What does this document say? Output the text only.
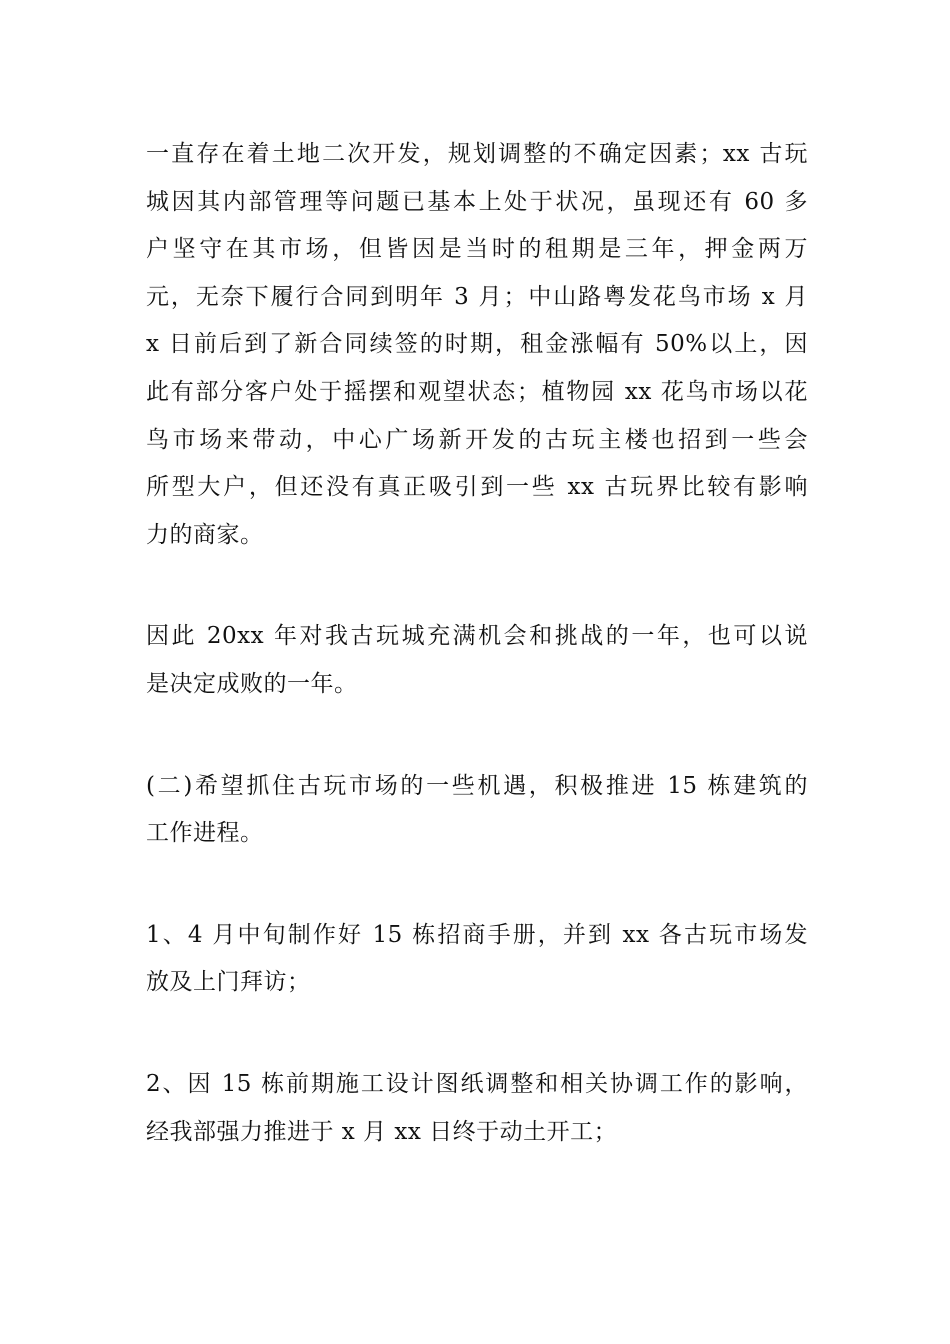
一直存在着土地二次开发，规划调整的不确定因素；xx 古玩
城因其内部管理等问题已基本上处于状况，虽现还有 60 多
户坚守在其市场，但皆因是当时的租期是三年，押金两万
元，无奈下履行合同到明年 3 月；中山路粤发花鸟市场 x 月
x 日前后到了新合同续签的时期，租金涨幅有 50%以上，因
此有部分客户处于摇摆和观望状态；植物园 xx 花鸟市场以花
鸟市场来带动，中心广场新开发的古玩主楼也招到一些会
所型大户，但还没有真正吸引到一些 xx 古玩界比较有影响
力的商家。
因此 20xx 年对我古玩城充满机会和挑战的一年，也可以说
是决定成败的一年。
(二)希望抓住古玩市场的一些机遇，积极推进 15 栋建筑的
工作进程。
1、4 月中旬制作好 15 栋招商手册，并到 xx 各古玩市场发
放及上门拜访；
2、因 15 栋前期施工设计图纸调整和相关协调工作的影响，
经我部强力推进于 x 月 xx 日终于动土开工；
